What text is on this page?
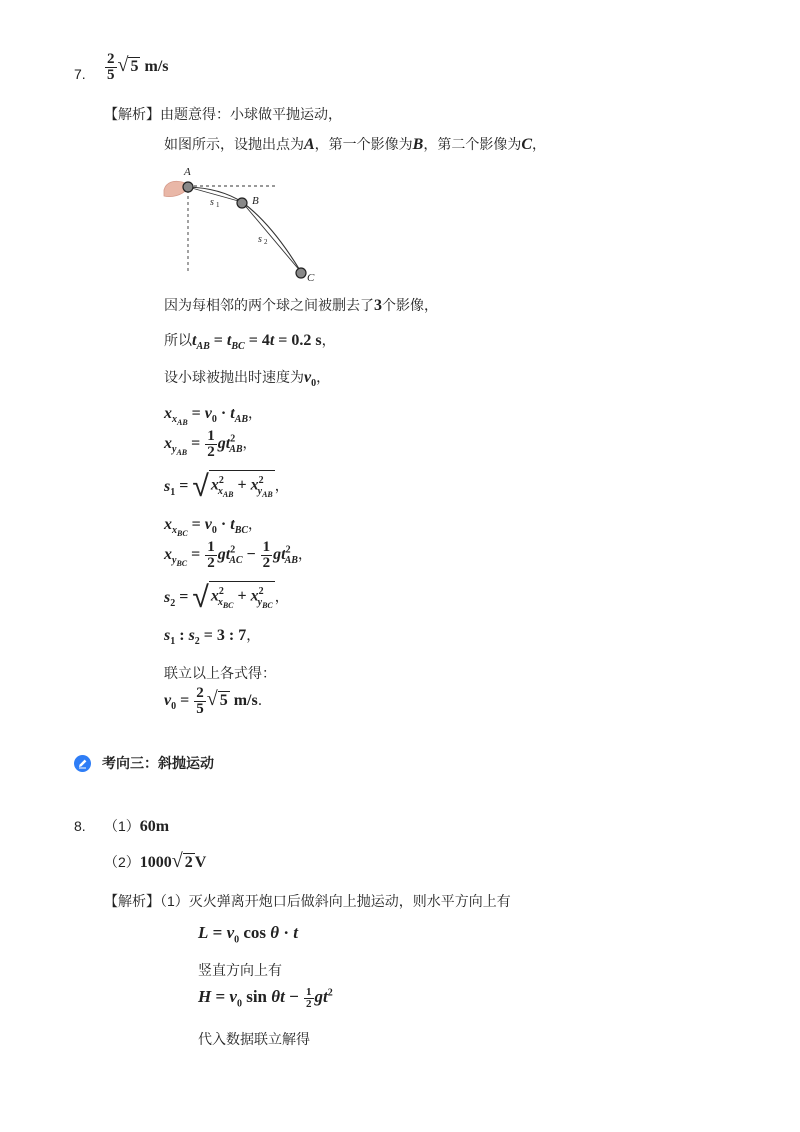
7. $\frac{2}{5}$ √ 5 m/s
【解析】由题意得：小球做平抛运动，
如图所示，设抛出点为A，第一个影像为B，第二个影像为C，
A
B
C
s 1
s 2
因为每相邻的两个球之间被删去了3个影像，
所以$t_{AB} = t_{BC} = 4t = 0.2$ s，
设小球被抛出时速度为$v_0$，
$x_{x_{AB}} = v_0 \cdot t_{AB}$，
$x_{y_{AB}} = \frac{1}{2} gt^2_{AB}$，
$s_1$ = √ $x^2_{x_{AB}} + x^2_{y_{AB}}$ ，
$x_{x_{BC}} = v_0 \cdot t_{BC}$，
$x_{y_{BC}} = \frac{1}{2} gt^2_{AC} - \frac{1}{2} gt^2_{AB}$，
$s_2$ = √ $x^2_{x_{BC}} + x^2_{y_{BC}}$ ，
$s_1$ : $s_2 = 3$ : 7，
联立以上各式得：
$v_0 = \frac{2}{5}$ √ 5 m/s.
考向三：斜抛运动
8. （1）60m
（2）1000√ 2 V
【解析】（1）灭火弹离开炮口后做斜向上抛运动，则水平方向上有
$L = v_0$ cos θ · t
竖直方向上有
$H = v_0$ $\sin \theta t - \frac{1}{2} gt^2$
代入数据联立解得
